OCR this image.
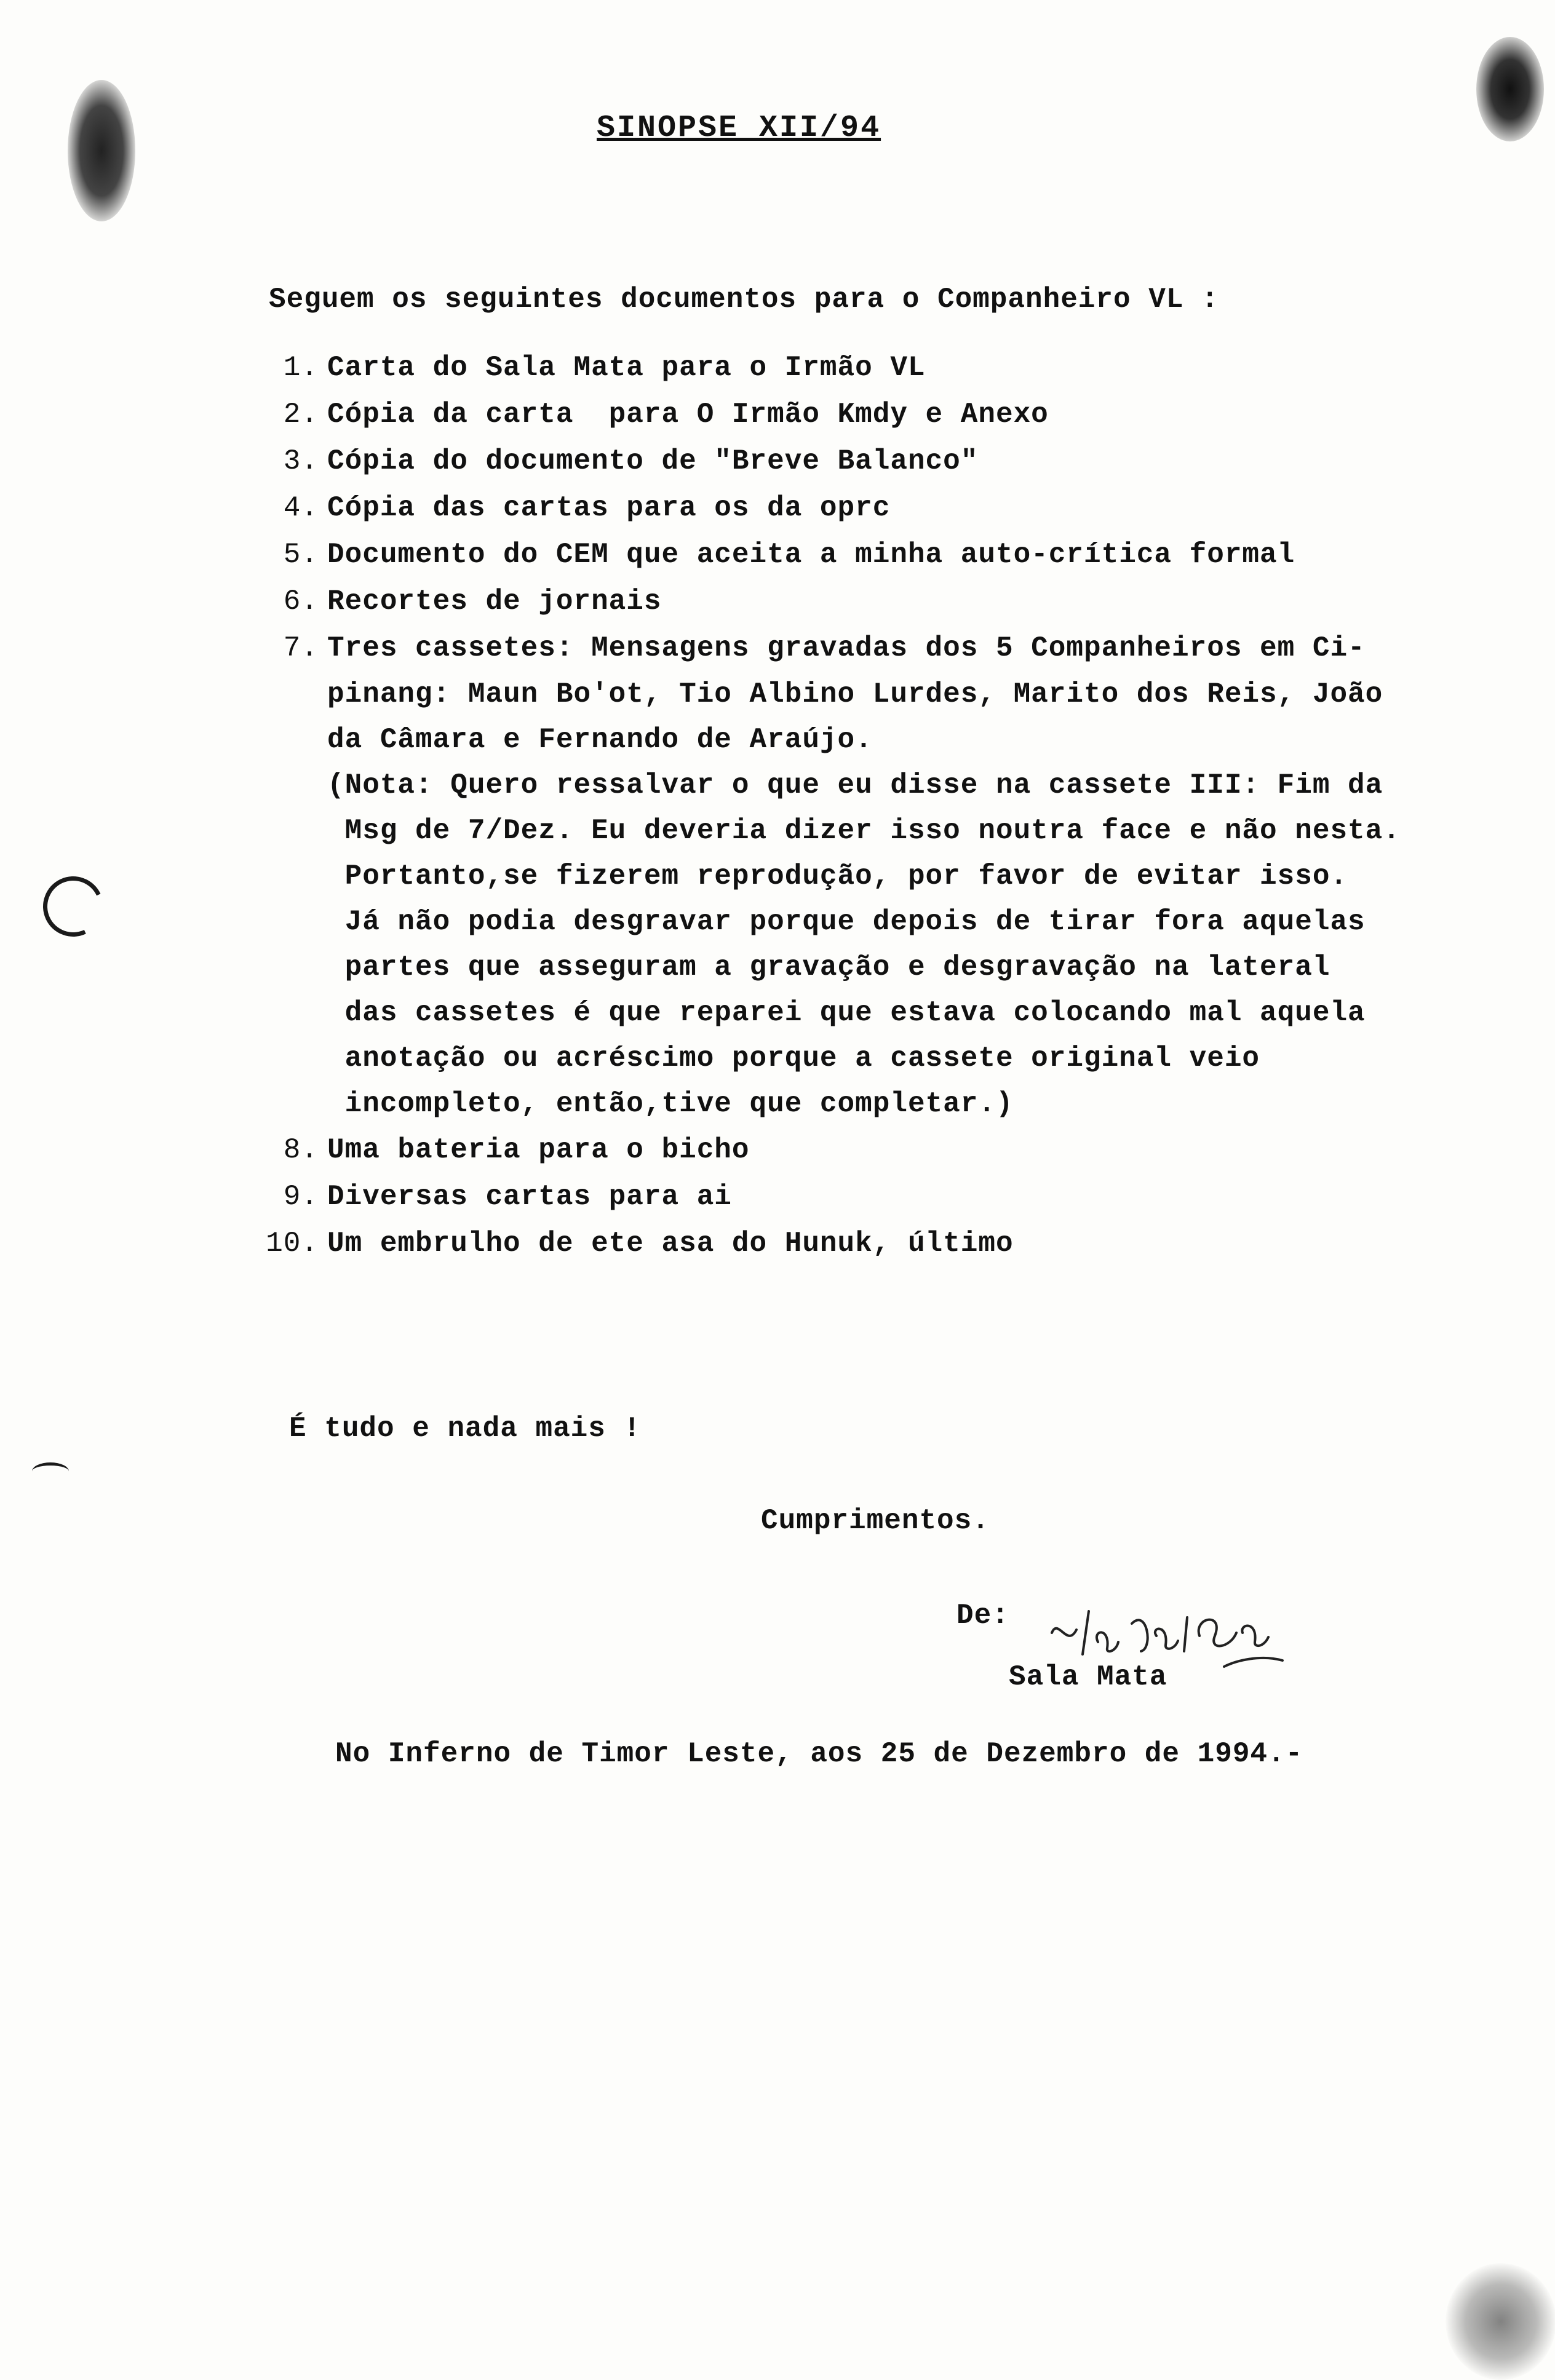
SINOPSE XII/94
Seguem os seguintes documentos para o Companheiro VL :
1. Carta do Sala Mata para o Irmão VL
2. Cópia da carta  para O Irmão Kmdy e Anexo
3. Cópia do documento de "Breve Balanco"
4. Cópia das cartas para os da oprc
5. Documento do CEM que aceita a minha auto-crítica formal
6. Recortes de jornais
7. Tres cassetes: Mensagens gravadas dos 5 Companheiros em Ci-
pinang: Maun Bo'ot, Tio Albino Lurdes, Marito dos Reis, João
da Câmara e Fernando de Araújo.
(Nota: Quero ressalvar o que eu disse na cassete III: Fim da
Msg de 7/Dez. Eu deveria dizer isso noutra face e não nesta.
Portanto,se fizerem reprodução, por favor de evitar isso.
Já não podia desgravar porque depois de tirar fora aquelas
partes que asseguram a gravação e desgravação na lateral
das cassetes é que reparei que estava colocando mal aquela
anotação ou acréscimo porque a cassete original veio
incompleto, então,tive que completar.)
8. Uma bateria para o bicho
9. Diversas cartas para ai
10. Um embrulho de ete asa do Hunuk, último
É tudo e nada mais !
Cumprimentos.
De:
Sala Mata
No Inferno de Timor Leste, aos 25 de Dezembro de 1994.-
